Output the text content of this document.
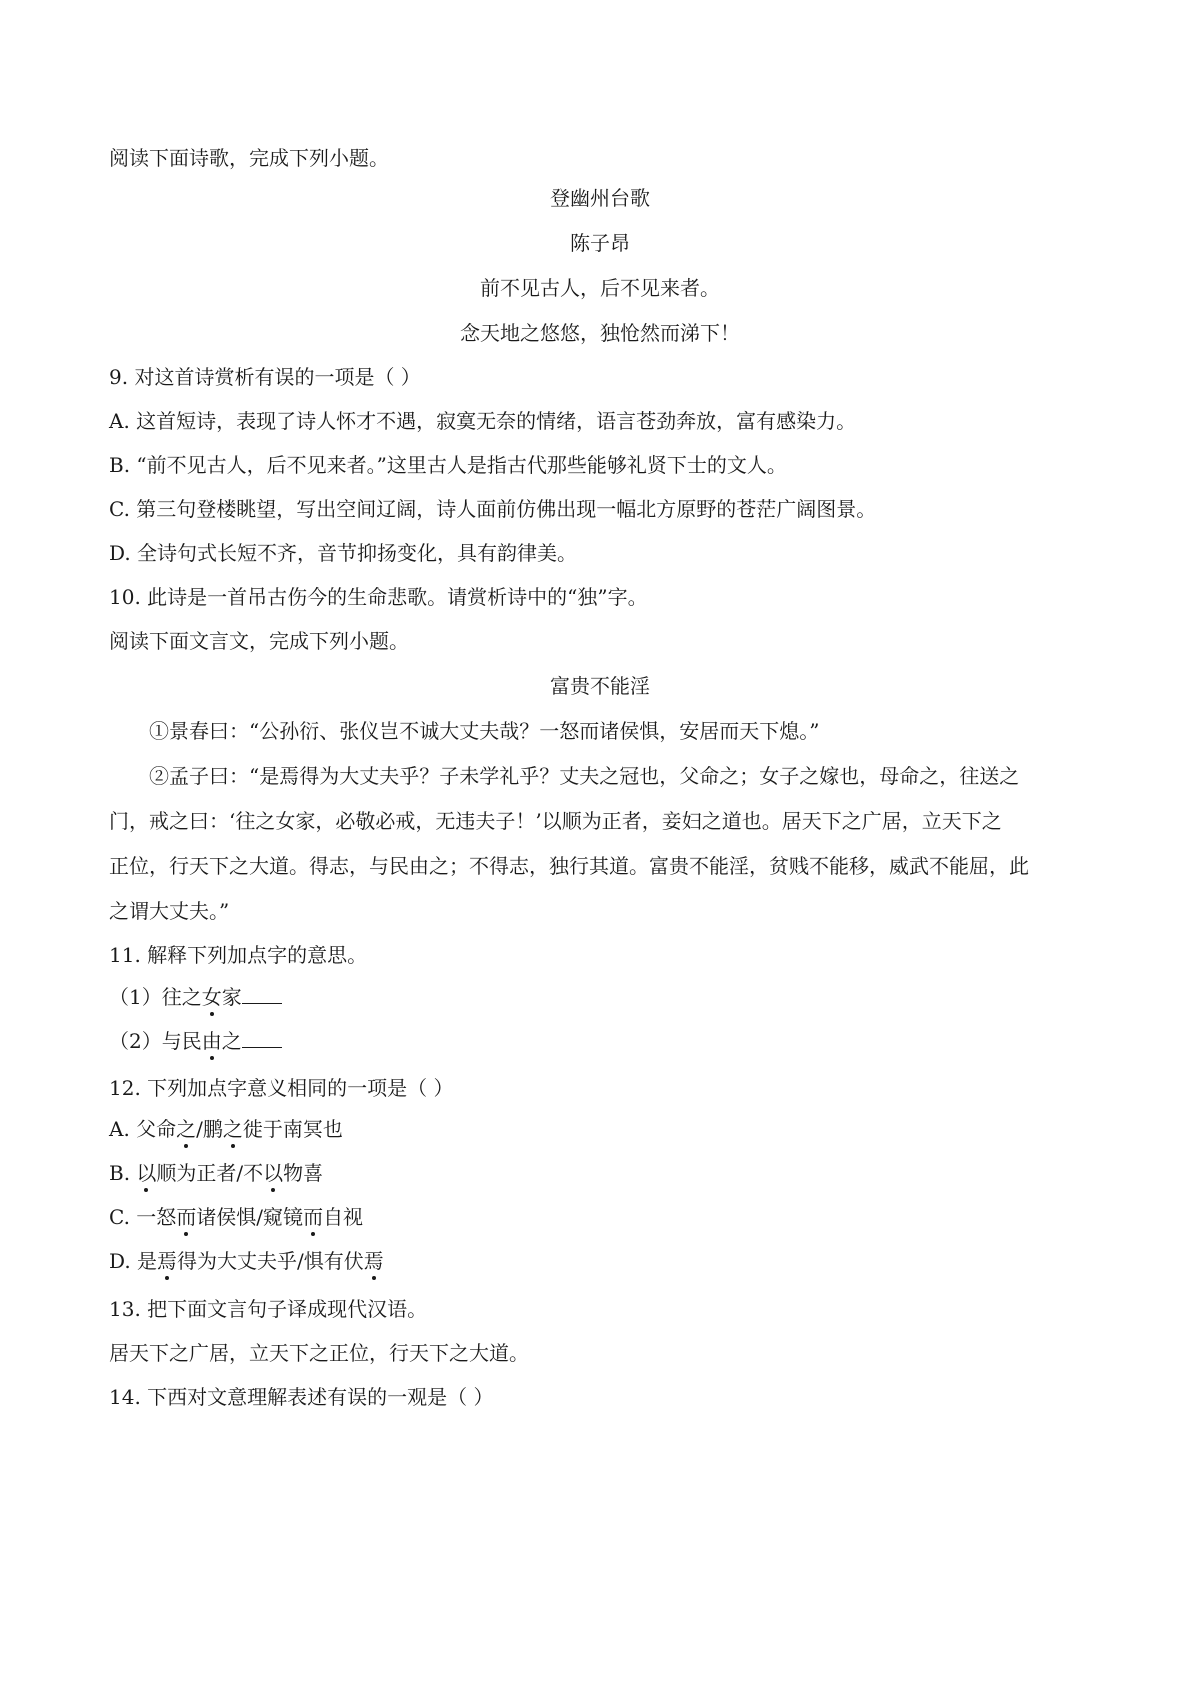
阅读下面诗歌，完成下列小题。
登幽州台歌
陈子昂
前不见古人，后不见来者。
念天地之悠悠，独怆然而涕下！
9. 对这首诗赏析有误的一项是（ ）
A. 这首短诗，表现了诗人怀才不遇，寂寞无奈的情绪，语言苍劲奔放，富有感染力。
B. “前不见古人，后不见来者。”这里古人是指古代那些能够礼贤下士的文人。
C. 第三句登楼眺望，写出空间辽阔，诗人面前仿佛出现一幅北方原野的苍茫广阔图景。
D. 全诗句式长短不齐，音节抑扬变化，具有韵律美。
10. 此诗是一首吊古伤今的生命悲歌。请赏析诗中的“独”字。
阅读下面文言文，完成下列小题。
富贵不能淫
①景春曰：“公孙衍、张仪岂不诚大丈夫哉？一怒而诸侯惧，安居而天下熄。”
②孟子曰：“是焉得为大丈夫乎？子未学礼乎？丈夫之冠也，父命之；女子之嫁也，母命之，往送之
门，戒之曰：‘往之女家，必敬必戒，无违夫子！’以顺为正者，妾妇之道也。居天下之广居，立天下之
正位，行天下之大道。得志，与民由之；不得志，独行其道。富贵不能淫，贫贱不能移，威武不能屈，此
之谓大丈夫。”
11. 解释下列加点字的意思。
（1）往之女家
（2）与民由之
12. 下列加点字意义相同的一项是（ ）
A. 父命之/鹏之徙于南冥也
B. 以顺为正者/不以物喜
C. 一怒而诸侯惧/窥镜而自视
D. 是焉得为大丈夫乎/惧有伏焉
13. 把下面文言句子译成现代汉语。
居天下之广居，立天下之正位，行天下之大道。
14. 下西对文意理解表述有误的一观是（ ）
